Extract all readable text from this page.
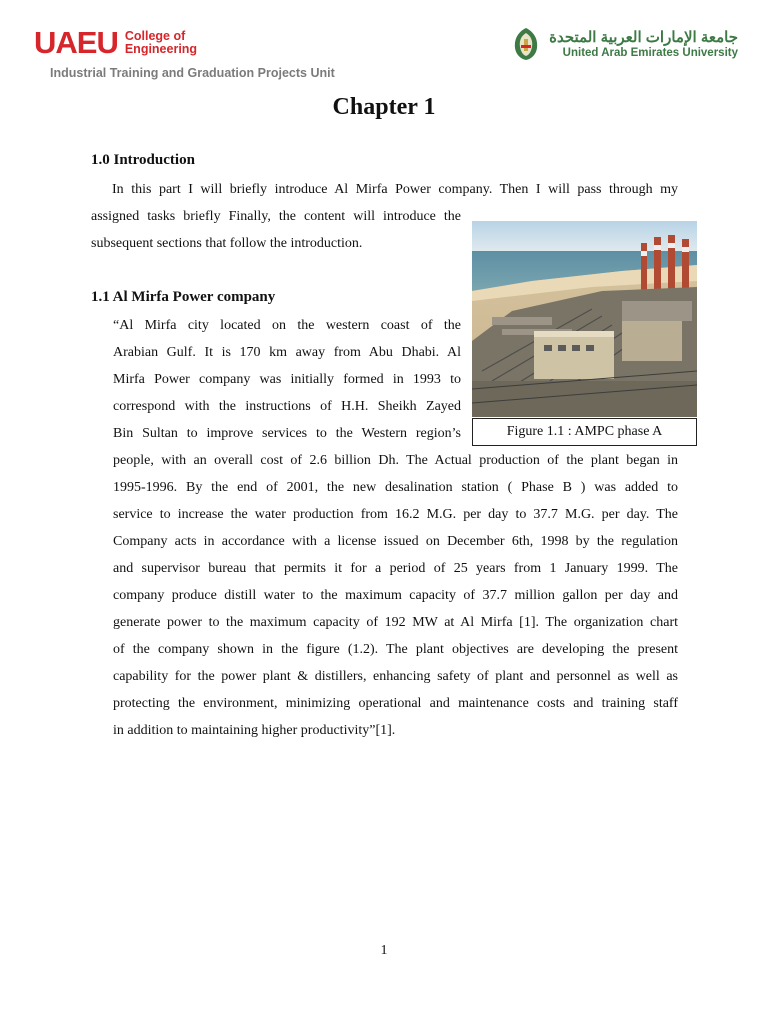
UAEU College of
Engineering
Industrial Training and Graduation Projects Unit
جامعة الإمارات العربية المتحدة
United Arab Emirates University
Chapter 1
1.0 Introduction
In this part I will briefly introduce Al Mirfa Power company. Then I will pass through my
assigned tasks briefly Finally, the content will introduce the
subsequent sections that follow the introduction.
1.1 Al Mirfa Power company
“Al Mirfa city located on the western coast of the
Arabian Gulf. It is 170 km away from Abu Dhabi. Al
Mirfa Power company was initially formed in 1993 to
correspond with the instructions of H.H. Sheikh Zayed
Bin Sultan to improve services to the Western region’s
people, with an overall cost of 2.6 billion Dh. The Actual production of the plant began in
1995-1996. By the end of 2001, the new desalination station ( Phase B ) was added to
service to increase the water production from 16.2 M.G. per day to 37.7 M.G. per day. The
Company acts in accordance with a license issued on December 6th, 1998 by the regulation
and supervisor bureau that permits it for a period of 25 years from 1 January 1999. The
company produce distill water to the maximum capacity of 37.7 million gallon per day and
generate power to the maximum capacity of 192 MW at Al Mirfa [1]. The organization chart
of the company shown in the figure (1.2). The plant objectives are developing the present
capability for the power plant & distillers, enhancing safety of plant and personnel as well as
protecting the environment, minimizing operational and maintenance costs and training staff
in addition to maintaining higher productivity”[1].
Figure 1.1 : AMPC phase A
1
